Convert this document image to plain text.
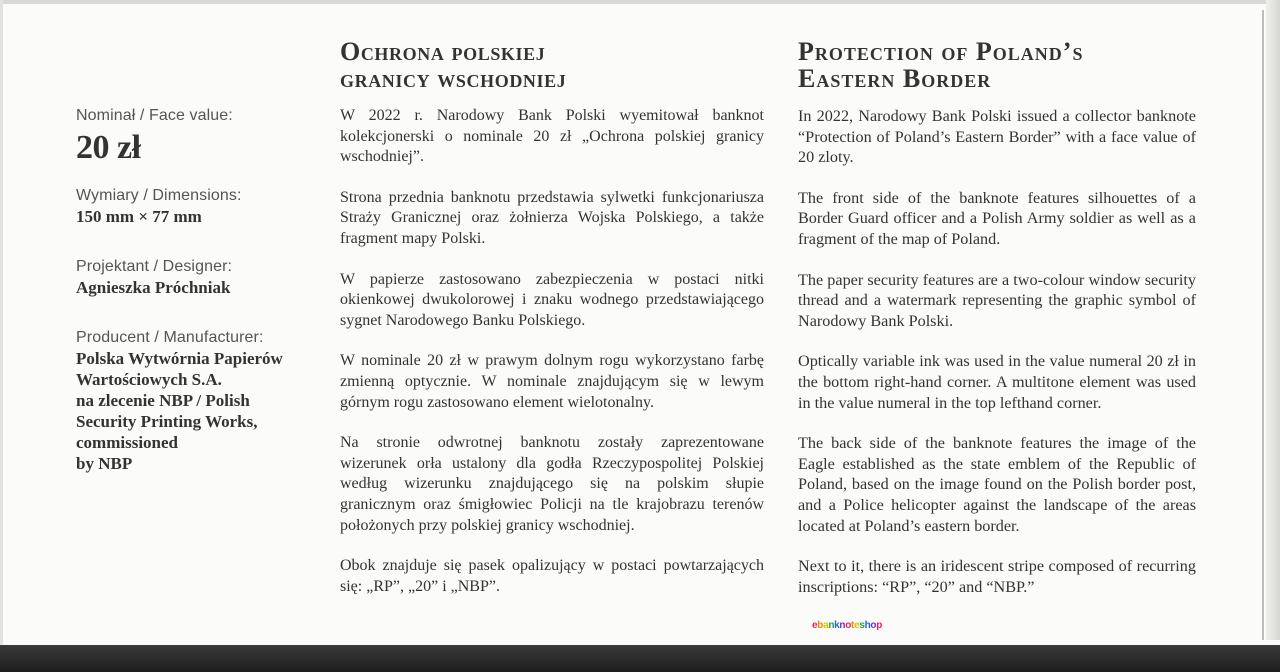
Nominał / Face value:
20 zł
Wymiary / Dimensions:
150 mm × 77 mm
Projektant / Designer:
Agnieszka Próchniak
Producent / Manufacturer:
Polska Wytwórnia Papierów
Wartościowych S.A.
na zlecenie NBP / Polish
Security Printing Works,
commissioned
by NBP
Ochrona polskiej
granicy wschodniej

W 2022 r. Narodowy Bank Polski wyemitował banknot kolekcjonerski o nominale 20 zł „Ochrona polskiej granicy wschodniej”.

Strona przednia banknotu przedstawia sylwetki funkcjonariusza Straży Granicznej oraz żołnierza Wojska Polskiego, a także fragment mapy Polski.

W papierze zastosowano zabezpieczenia w postaci nitki okienkowej dwukolorowej i znaku wodnego przedstawiającego sygnet Narodowego Banku Polskiego.

W nominale 20 zł w prawym dolnym rogu wykorzystano farbę zmienną optycznie. W nominale znajdującym się w lewym górnym rogu zastosowano element wielotonalny.

Na stronie odwrotnej banknotu zostały zaprezentowane wizerunek orła ustalony dla godła Rzeczypospolitej Polskiej według wizerunku znajdującego się na polskim słupie granicznym oraz śmigłowiec Policji na tle krajobrazu terenów położonych przy polskiej granicy wschodniej.

Obok znajduje się pasek opalizujący w postaci powtarzających się: „RP”, „20” i „NBP”.

Protection of Poland’s
Eastern Border

In 2022, Narodowy Bank Polski issued a collector banknote “Protection of Poland’s Eastern Border” with a face value of 20 zloty.

The front side of the banknote features silhouettes of a Border Guard officer and a Polish Army soldier as well as a fragment of the map of Poland.

The paper security features are a two-colour window security thread and a watermark representing the graphic symbol of Narodowy Bank Polski.

Optically variable ink was used in the value numeral 20 zł in the bottom right-hand corner. A multitone element was used in the value numeral in the top lefthand corner.

The back side of the banknote features the image of the Eagle established as the state emblem of the Republic of Poland, based on the image found on the Polish border post, and a Police helicopter against the landscape of the areas located at Poland’s eastern border.

Next to it, there is an iridescent stripe composed of recurring inscriptions: “RP”, “20” and “NBP.”

ebanknoteshop
